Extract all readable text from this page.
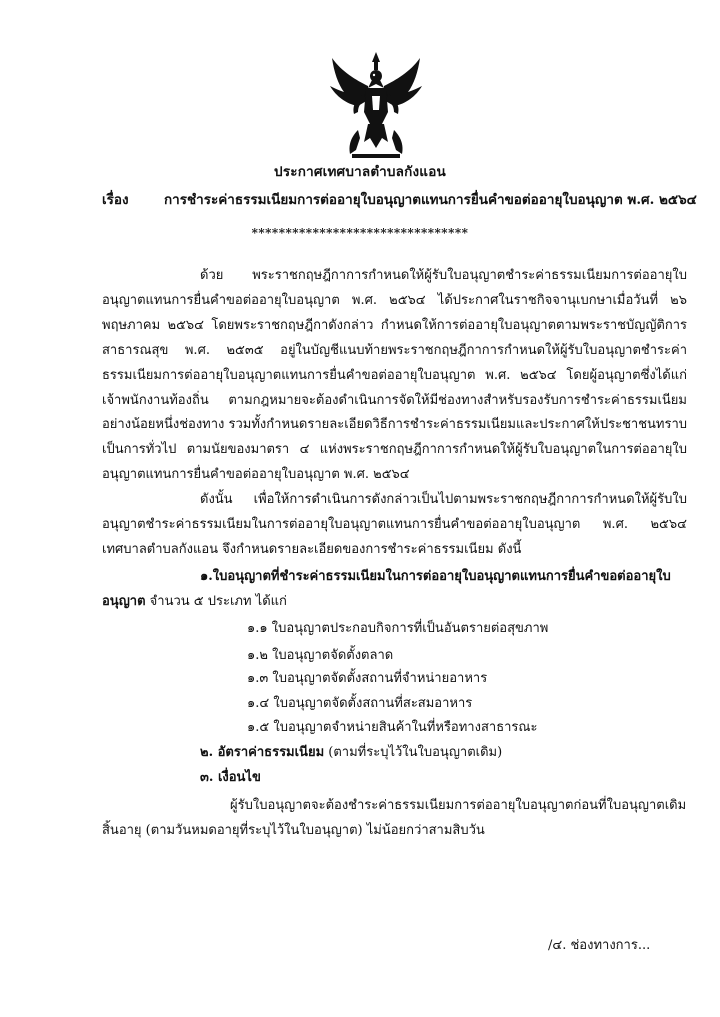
ประกาศเทศบาลตำบลกังแอน
เรื่อง	การชำระค่าธรรมเนียมการต่ออายุใบอนุญาตแทนการยื่นคำขอต่ออายุใบอนุญาต พ.ศ. ๒๕๖๔
********************************
ด้วย พระราชกฤษฎีกาการกำหนดให้ผู้รับใบอนุญาตชำระค่าธรรมเนียมการต่ออายุใบอนุญาตแทนการยื่นคำขอต่ออายุใบอนุญาต พ.ศ. ๒๕๖๔ ได้ประกาศในราชกิจจานุเบกษาเมื่อวันที่ ๒๖ พฤษภาคม ๒๕๖๔ โดยพระราชกฤษฎีกาดังกล่าว กำหนดให้การต่ออายุใบอนุญาตตามพระราชบัญญัติการสาธารณสุข พ.ศ. ๒๕๓๕ อยู่ในบัญชีแนบท้ายพระราชกฤษฎีกาการกำหนดให้ผู้รับใบอนุญาตชำระค่าธรรมเนียมการต่ออายุใบอนุญาตแทนการยื่นคำขอต่ออายุใบอนุญาต พ.ศ. ๒๕๖๔ โดยผู้อนุญาตซึ่งได้แก่ เจ้าพนักงานท้องถิ่น ตามกฎหมายจะต้องดำเนินการจัดให้มีช่องทางสำหรับรองรับการชำระค่าธรรมเนียมอย่างน้อยหนึ่งช่องทาง รวมทั้งกำหนดรายละเอียดวิธีการชำระค่าธรรมเนียมและประกาศให้ประชาชนทราบเป็นการทั่วไป ตามนัยของมาตรา ๔ แห่งพระราชกฤษฎีกาการกำหนดให้ผู้รับใบอนุญาตในการต่ออายุใบอนุญาตแทนการยื่นคำขอต่ออายุใบอนุญาต พ.ศ. ๒๕๖๔
ดังนั้น เพื่อให้การดำเนินการดังกล่าวเป็นไปตามพระราชกฤษฎีกาการกำหนดให้ผู้รับใบอนุญาตชำระค่าธรรมเนียมในการต่ออายุใบอนุญาตแทนการยื่นคำขอต่ออายุใบอนุญาต พ.ศ. ๒๕๖๔ เทศบาลตำบลกังแอน จึงกำหนดรายละเอียดของการชำระค่าธรรมเนียม ดังนี้
๑.ใบอนุญาตที่ชำระค่าธรรมเนียมในการต่ออายุใบอนุญาตแทนการยื่นคำขอต่ออายุใบอนุญาต จำนวน ๕ ประเภท ได้แก่
๑.๑ ใบอนุญาตประกอบกิจการที่เป็นอันตรายต่อสุขภาพ
๑.๒ ใบอนุญาตจัดตั้งตลาด
๑.๓ ใบอนุญาตจัดตั้งสถานที่จำหน่ายอาหาร
๑.๔ ใบอนุญาตจัดตั้งสถานที่สะสมอาหาร
๑.๕ ใบอนุญาตจำหน่ายสินค้าในที่หรือทางสาธารณะ
๒. อัตราค่าธรรมเนียม (ตามที่ระบุไว้ในใบอนุญาตเดิม)
๓. เงื่อนไข
ผู้รับใบอนุญาตจะต้องชำระค่าธรรมเนียมการต่ออายุใบอนุญาตก่อนที่ใบอนุญาตเดิมสิ้นอายุ (ตามวันหมดอายุที่ระบุไว้ในใบอนุญาต) ไม่น้อยกว่าสามสิบวัน
/๔. ช่องทางการ...
